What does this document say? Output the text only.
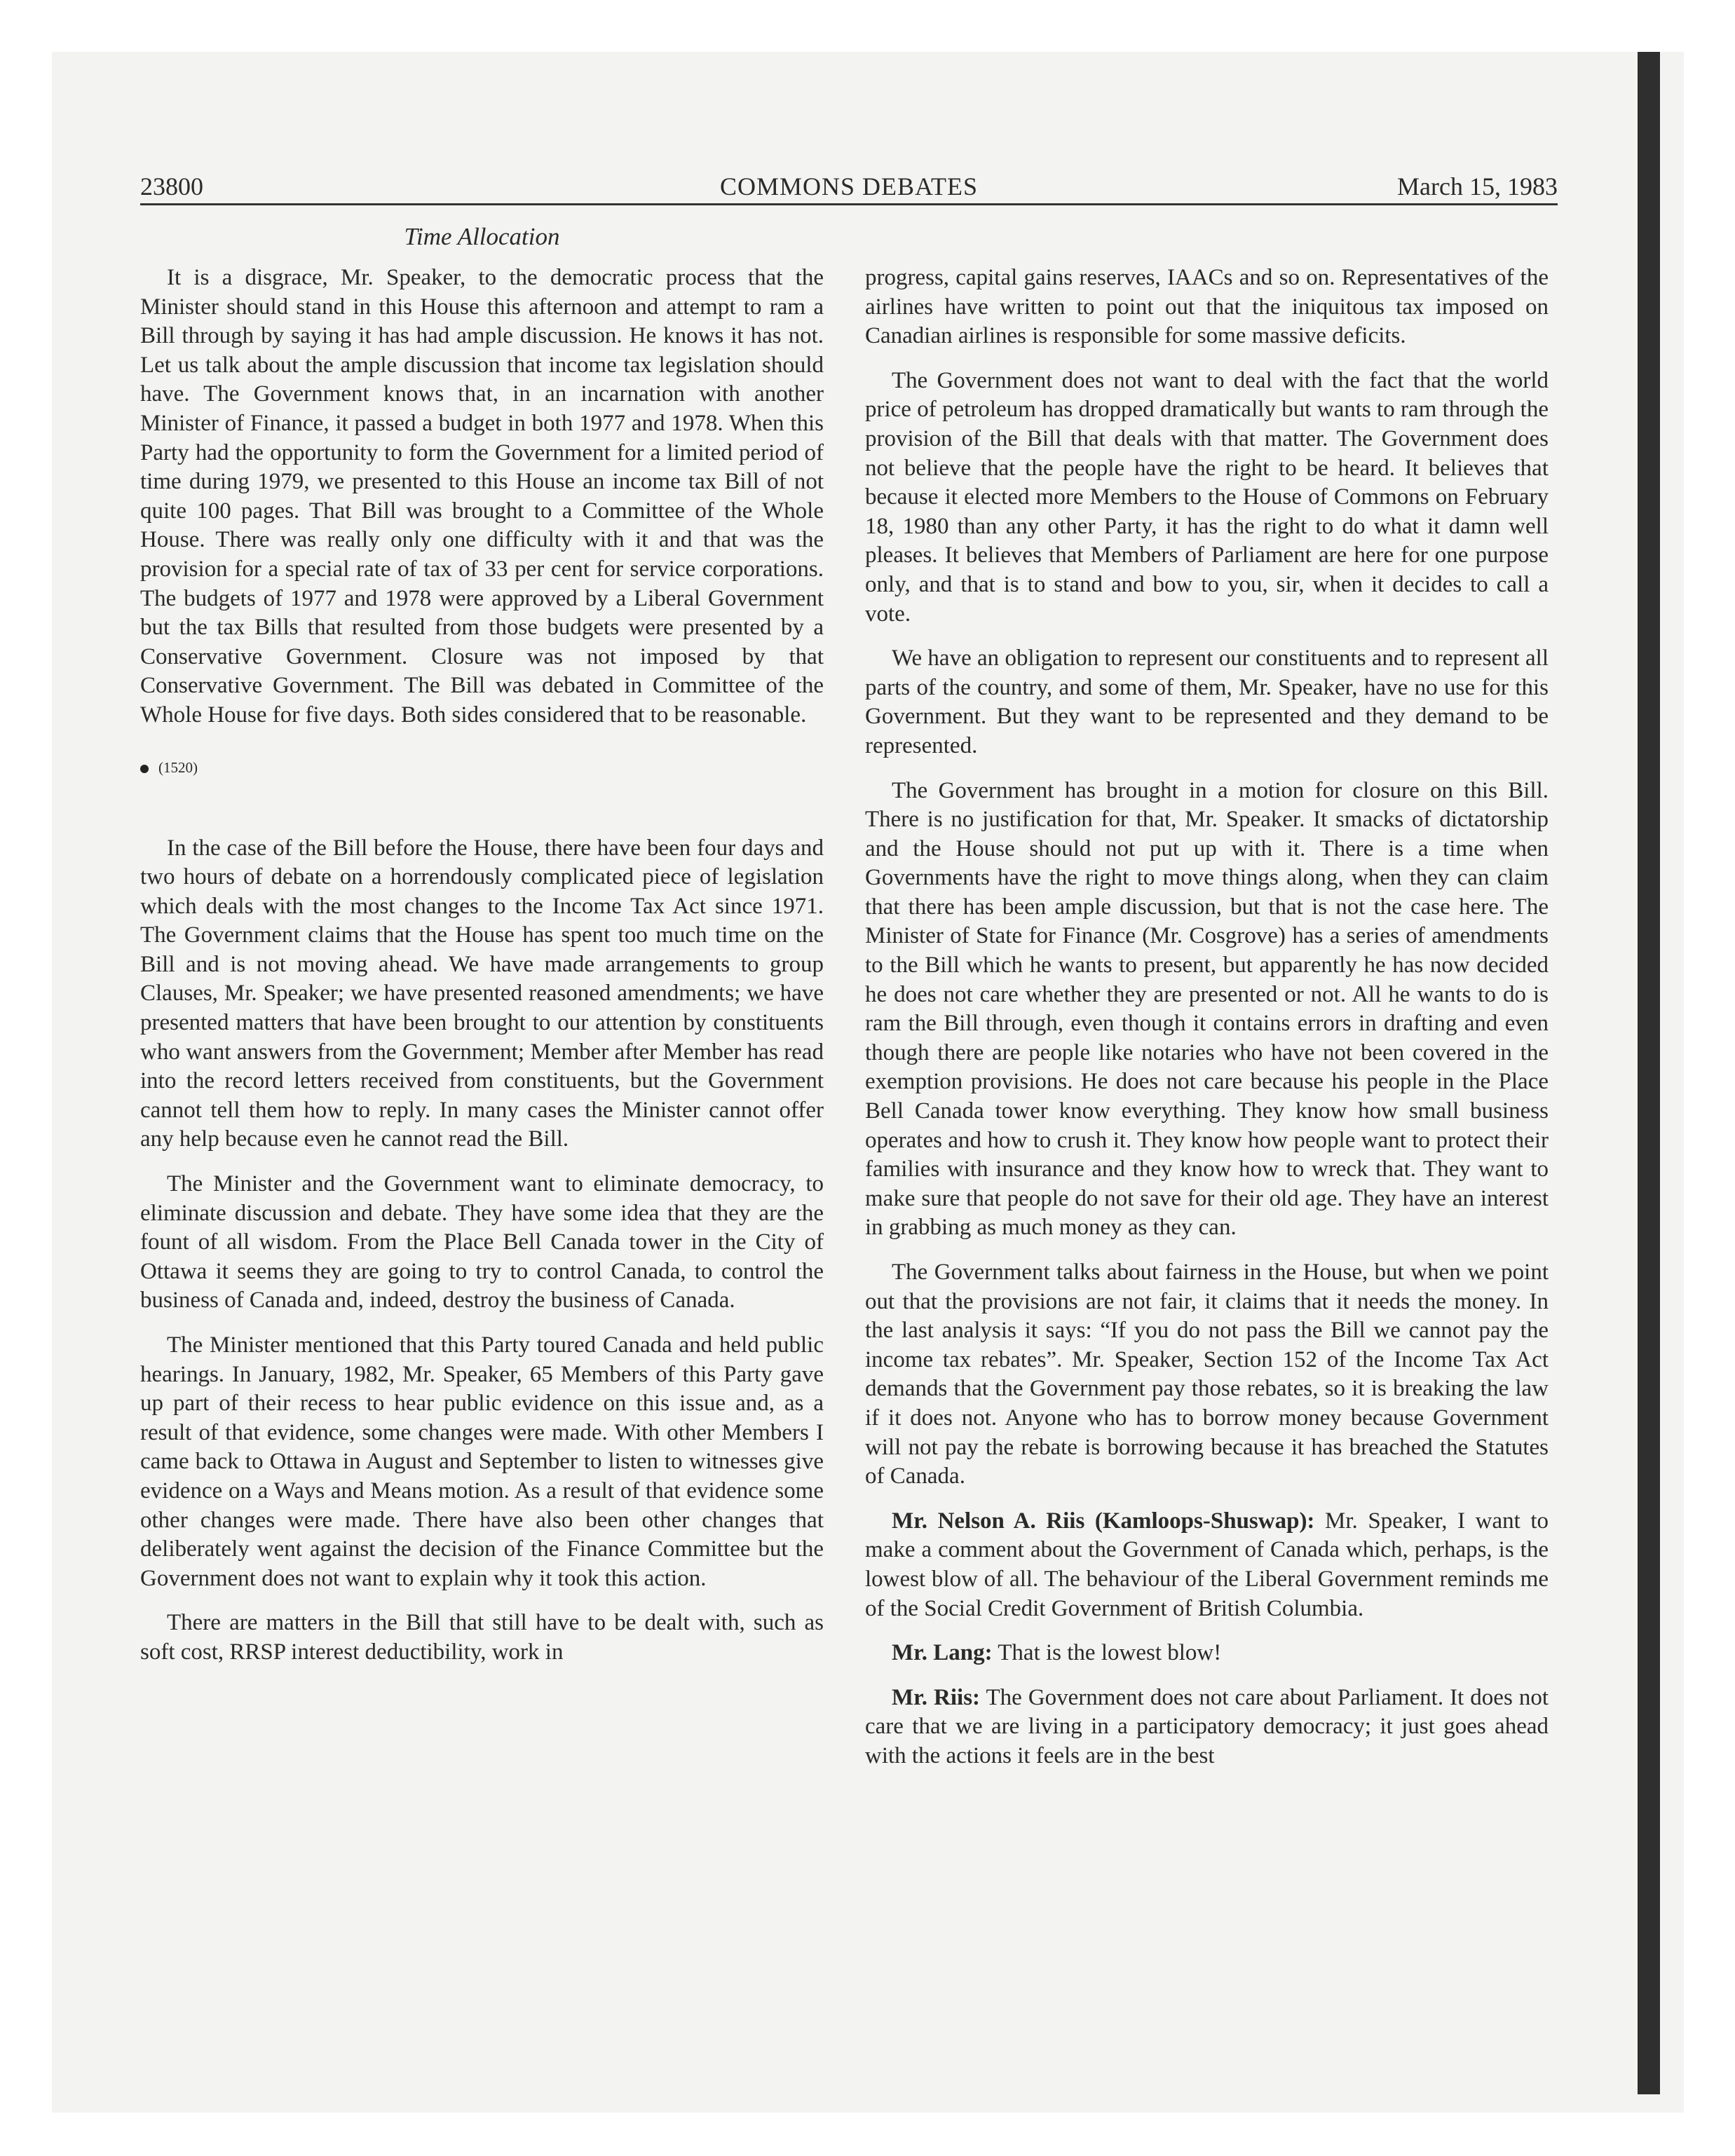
23800	COMMONS DEBATES	March 15, 1983
Time Allocation

It is a disgrace, Mr. Speaker, to the democratic process that the Minister should stand in this House this afternoon and attempt to ram a Bill through by saying it has had ample discussion. He knows it has not. Let us talk about the ample discussion that income tax legislation should have. The Government knows that, in an incarnation with another Minister of Finance, it passed a budget in both 1977 and 1978. When this Party had the opportunity to form the Government for a limited period of time during 1979, we presented to this House an income tax Bill of not quite 100 pages. That Bill was brought to a Committee of the Whole House. There was really only one difficulty with it and that was the provision for a special rate of tax of 33 per cent for service corporations. The budgets of 1977 and 1978 were approved by a Liberal Government but the tax Bills that resulted from those budgets were presented by a Conservative Government. Closure was not imposed by that Conservative Government. The Bill was debated in Committee of the Whole House for five days. Both sides considered that to be reasonable.

(1520)

In the case of the Bill before the House, there have been four days and two hours of debate on a horrendously complicated piece of legislation which deals with the most changes to the Income Tax Act since 1971. The Government claims that the House has spent too much time on the Bill and is not moving ahead. We have made arrangements to group Clauses, Mr. Speaker; we have presented reasoned amendments; we have presented matters that have been brought to our attention by constituents who want answers from the Government; Member after Member has read into the record letters received from constituents, but the Government cannot tell them how to reply. In many cases the Minister cannot offer any help because even he cannot read the Bill.

The Minister and the Government want to eliminate democracy, to eliminate discussion and debate. They have some idea that they are the fount of all wisdom. From the Place Bell Canada tower in the City of Ottawa it seems they are going to try to control Canada, to control the business of Canada and, indeed, destroy the business of Canada.

The Minister mentioned that this Party toured Canada and held public hearings. In January, 1982, Mr. Speaker, 65 Members of this Party gave up part of their recess to hear public evidence on this issue and, as a result of that evidence, some changes were made. With other Members I came back to Ottawa in August and September to listen to witnesses give evidence on a Ways and Means motion. As a result of that evidence some other changes were made. There have also been other changes that deliberately went against the decision of the Finance Committee but the Government does not want to explain why it took this action.

There are matters in the Bill that still have to be dealt with, such as soft cost, RRSP interest deductibility, work in

progress, capital gains reserves, IAACs and so on. Representatives of the airlines have written to point out that the iniquitous tax imposed on Canadian airlines is responsible for some massive deficits.

The Government does not want to deal with the fact that the world price of petroleum has dropped dramatically but wants to ram through the provision of the Bill that deals with that matter. The Government does not believe that the people have the right to be heard. It believes that because it elected more Members to the House of Commons on February 18, 1980 than any other Party, it has the right to do what it damn well pleases. It believes that Members of Parliament are here for one purpose only, and that is to stand and bow to you, sir, when it decides to call a vote.

We have an obligation to represent our constituents and to represent all parts of the country, and some of them, Mr. Speaker, have no use for this Government. But they want to be represented and they demand to be represented.

The Government has brought in a motion for closure on this Bill. There is no justification for that, Mr. Speaker. It smacks of dictatorship and the House should not put up with it. There is a time when Governments have the right to move things along, when they can claim that there has been ample discussion, but that is not the case here. The Minister of State for Finance (Mr. Cosgrove) has a series of amendments to the Bill which he wants to present, but apparently he has now decided he does not care whether they are presented or not. All he wants to do is ram the Bill through, even though it contains errors in drafting and even though there are people like notaries who have not been covered in the exemption provisions. He does not care because his people in the Place Bell Canada tower know everything. They know how small business operates and how to crush it. They know how people want to protect their families with insurance and they know how to wreck that. They want to make sure that people do not save for their old age. They have an interest in grabbing as much money as they can.

The Government talks about fairness in the House, but when we point out that the provisions are not fair, it claims that it needs the money. In the last analysis it says: “If you do not pass the Bill we cannot pay the income tax rebates”. Mr. Speaker, Section 152 of the Income Tax Act demands that the Government pay those rebates, so it is breaking the law if it does not. Anyone who has to borrow money because Government will not pay the rebate is borrowing because it has breached the Statutes of Canada.

Mr. Nelson A. Riis (Kamloops-Shuswap): Mr. Speaker, I want to make a comment about the Government of Canada which, perhaps, is the lowest blow of all. The behaviour of the Liberal Government reminds me of the Social Credit Government of British Columbia.

Mr. Lang: That is the lowest blow!

Mr. Riis: The Government does not care about Parliament. It does not care that we are living in a participatory democracy; it just goes ahead with the actions it feels are in the best
